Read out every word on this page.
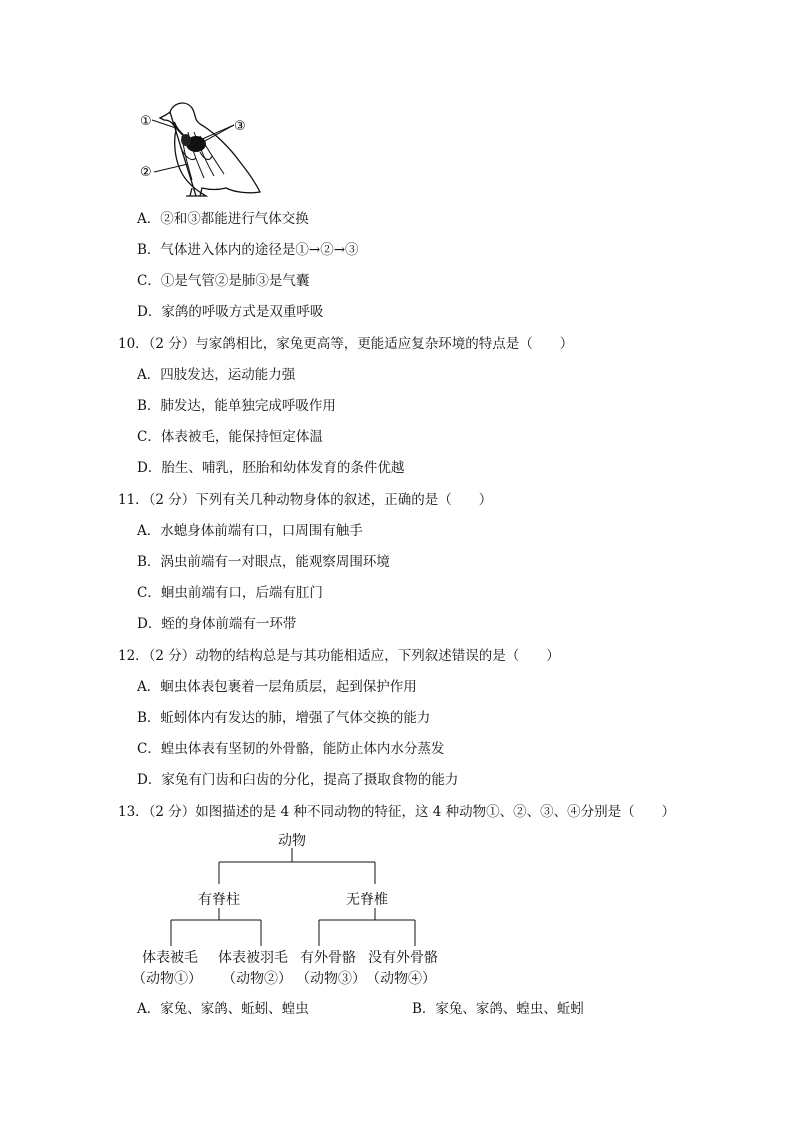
①	③
②
A．②和③都能进行气体交换
B．气体进入体内的途径是①→②→③
C．①是气管②是肺③是气囊
D．家鸽的呼吸方式是双重呼吸
10．（2 分）与家鸽相比，家兔更高等，更能适应复杂环境的特点是（　　）
A．四肢发达，运动能力强
B．肺发达，能单独完成呼吸作用
C．体表被毛，能保持恒定体温
D．胎生、哺乳，胚胎和幼体发育的条件优越
11．（2 分）下列有关几种动物身体的叙述，正确的是（　　）
A．水螅身体前端有口，口周围有触手
B．涡虫前端有一对眼点，能观察周围环境
C．蛔虫前端有口，后端有肛门
D．蛭的身体前端有一环带
12．（2 分）动物的结构总是与其功能相适应，下列叙述错误的是（　　）
A．蛔虫体表包裹着一层角质层，起到保护作用
B．蚯蚓体内有发达的肺，增强了气体交换的能力
C．蝗虫体表有坚韧的外骨骼，能防止体内水分蒸发
D．家兔有门齿和臼齿的分化，提高了摄取食物的能力
13．（2 分）如图描述的是 4 种不同动物的特征，这 4 种动物①、②、③、④分别是（　　）
动物
有脊柱	无脊椎
体表被毛
（动物①）
体表被羽毛
（动物②）
有外骨骼
（动物③）
没有外骨骼
（动物④）
A．家兔、家鸽、蚯蚓、蝗虫	B．家兔、家鸽、蝗虫、蚯蚓
